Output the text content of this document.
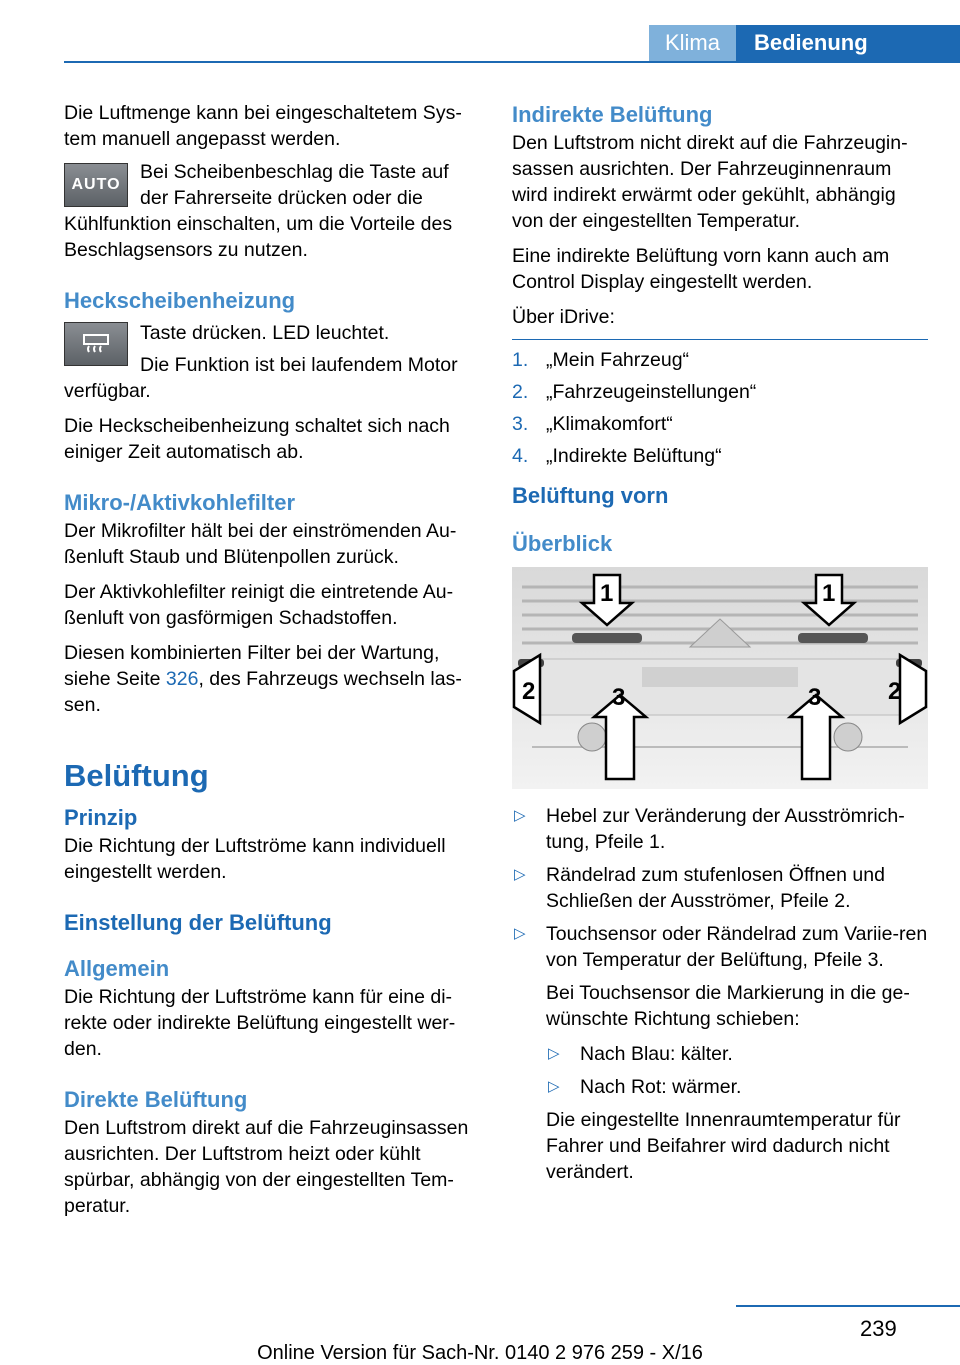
Klima	Bedienung

Die Luftmenge kann bei eingeschaltetem Sys-tem manuell angepasst werden.

AUTO

Bei Scheibenbeschlag die Taste auf der Fahrerseite drücken oder die Kühlfunktion einschalten, um die Vorteile des Beschlagsensors zu nutzen.

Heckscheibenheizung

Taste drücken. LED leuchtet.

Die Funktion ist bei laufendem Motor verfügbar.

Die Heckscheibenheizung schaltet sich nach einiger Zeit automatisch ab.

Mikro-/Aktivkohlefilter

Der Mikrofilter hält bei der einströmenden Au-ßenluft Staub und Blütenpollen zurück.

Der Aktivkohlefilter reinigt die eintretende Au-ßenluft von gasförmigen Schadstoffen.

Diesen kombinierten Filter bei der Wartung, siehe Seite 326, des Fahrzeugs wechseln las-sen.

Belüftung
Prinzip

Die Richtung der Luftströme kann individuell eingestellt werden.

Einstellung der Belüftung
Allgemein

Die Richtung der Luftströme kann für eine di-rekte oder indirekte Belüftung eingestellt wer-den.

Direkte Belüftung

Den Luftstrom direkt auf die Fahrzeuginsassen ausrichten. Der Luftstrom heizt oder kühlt spürbar, abhängig von der eingestellten Tem-peratur.

Indirekte Belüftung

Den Luftstrom nicht direkt auf die Fahrzeugin-sassen ausrichten. Der Fahrzeuginnenraum wird indirekt erwärmt oder gekühlt, abhängig von der eingestellten Temperatur.

Eine indirekte Belüftung vorn kann auch am Control Display eingestellt werden.

Über iDrive:

1. „Mein Fahrzeug“
2. „Fahrzeugeinstellungen“
3. „Klimakomfort“
4. „Indirekte Belüftung“
Belüftung vorn
Überblick
1	1
2	2
3	3
▷ Hebel zur Veränderung der Ausströmrich-tung, Pfeile 1.
▷ Rändelrad zum stufenlosen Öffnen und Schließen der Ausströmer, Pfeile 2.
▷ Touchsensor oder Rändelrad zum Variie-ren von Temperatur der Belüftung, Pfeile 3.

Bei Touchsensor die Markierung in die ge-wünschte Richtung schieben:

▷ Nach Blau: kälter.
▷ Nach Rot: wärmer.

Die eingestellte Innenraumtemperatur für Fahrer und Beifahrer wird dadurch nicht verändert.

239
Online Version für Sach-Nr. 0140 2 976 259 - X/16
